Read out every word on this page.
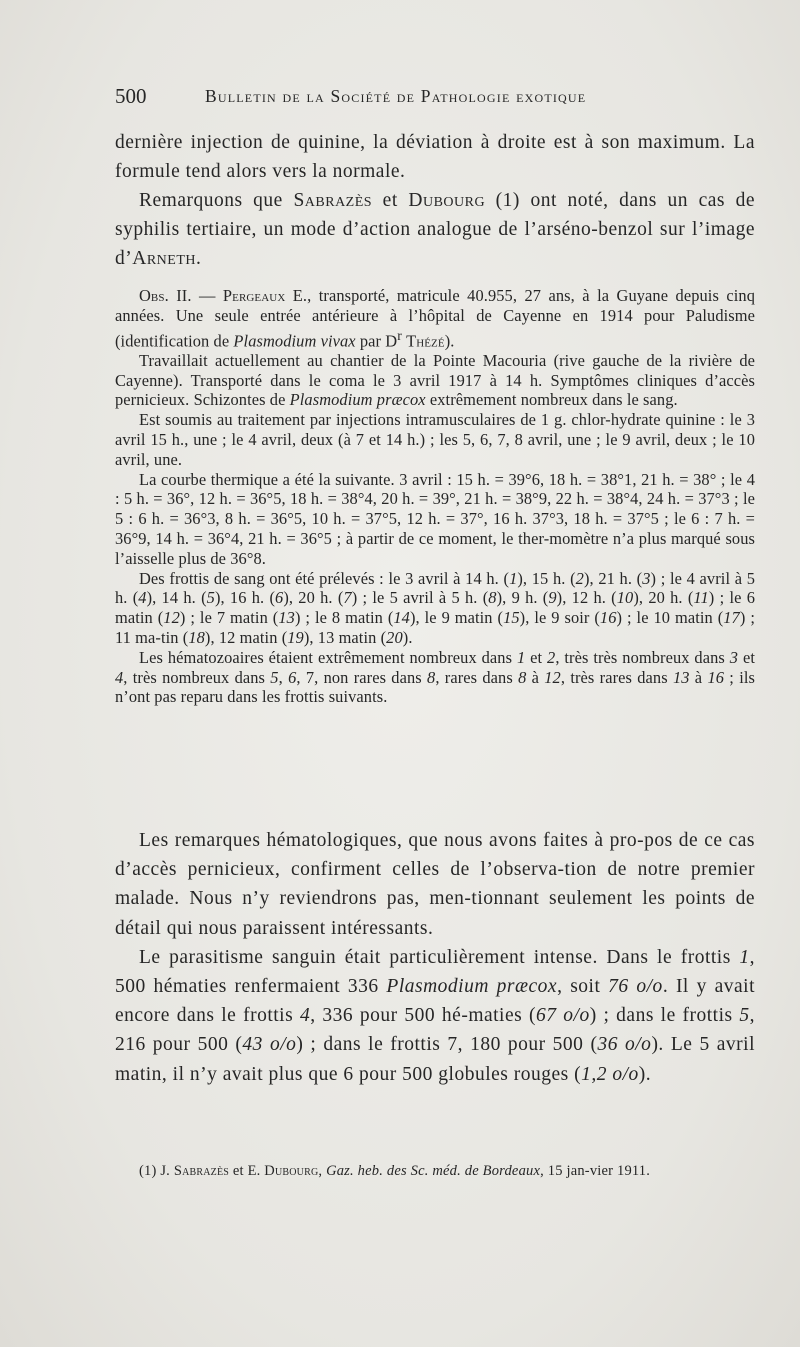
500	Bulletin de la Société de Pathologie exotique

dernière injection de quinine, la déviation à droite est à son maximum. La formule tend alors vers la normale.

Remarquons que Sabrazès et Dubourg (1) ont noté, dans un cas de syphilis tertiaire, un mode d’action analogue de l’arséno-benzol sur l’image d’Arneth.

Obs. II. — Pergeaux E., transporté, matricule 40.955, 27 ans, à la Guyane depuis cinq années. Une seule entrée antérieure à l’hôpital de Cayenne en 1914 pour Paludisme (identification de Plasmodium vivax par $D^r$ Thézé).

Travaillait actuellement au chantier de la Pointe Macouria (rive gauche de la rivière de Cayenne). Transporté dans le coma le 3 avril 1917 à 14 h. Symptômes cliniques d’accès pernicieux. Schizontes de Plasmodium præcox extrêmement nombreux dans le sang.

Est soumis au traitement par injections intramusculaires de 1 g. chlor-hydrate quinine : le 3 avril 15 h., une ; le 4 avril, deux (à 7 et 14 h.) ; les 5, 6, 7, 8 avril, une ; le 9 avril, deux ; le 10 avril, une.

La courbe thermique a été la suivante. 3 avril : 15 h. = 39°6, 18 h. = 38°1, 21 h. = 38° ; le 4 : 5 h. = 36°, 12 h. = 36°5, 18 h. = 38°4, 20 h. = 39°, 21 h. = 38°9, 22 h. = 38°4, 24 h. = 37°3 ; le 5 : 6 h. = 36°3, 8 h. = 36°5, 10 h. = 37°5, 12 h. = 37°, 16 h. 37°3, 18 h. = 37°5 ; le 6 : 7 h. = 36°9, 14 h. = 36°4, 21 h. = 36°5 ; à partir de ce moment, le ther-momètre n’a plus marqué sous l’aisselle plus de 36°8.

Des frottis de sang ont été prélevés : le 3 avril à 14 h. (1), 15 h. (2), 21 h. (3) ; le 4 avril à 5 h. (4), 14 h. (5), 16 h. (6), 20 h. (7) ; le 5 avril à 5 h. (8), 9 h. (9), 12 h. (10), 20 h. (11) ; le 6 matin (12) ; le 7 matin (13) ; le 8 matin (14), le 9 matin (15), le 9 soir (16) ; le 10 matin (17) ; 11 ma-tin (18), 12 matin (19), 13 matin (20).

Les hématozoaires étaient extrêmement nombreux dans 1 et 2, très très nombreux dans 3 et 4, très nombreux dans 5, 6, 7, non rares dans 8, rares dans 8 à 12, très rares dans 13 à 16 ; ils n’ont pas reparu dans les frottis suivants.

Les remarques hématologiques, que nous avons faites à pro-pos de ce cas d’accès pernicieux, confirment celles de l’observa-tion de notre premier malade. Nous n’y reviendrons pas, men-tionnant seulement les points de détail qui nous paraissent intéressants.

Le parasitisme sanguin était particulièrement intense. Dans le frottis 1, 500 hématies renfermaient 336 Plasmodium præcox, soit 76 o/o. Il y avait encore dans le frottis 4, 336 pour 500 hé-maties (67 o/o) ; dans le frottis 5, 216 pour 500 (43 o/o) ; dans le frottis 7, 180 pour 500 (36 o/o). Le 5 avril matin, il n’y avait plus que 6 pour 500 globules rouges (1,2 o/o).

(1) J. Sabrazès et E. Dubourg, Gaz. heb. des Sc. méd. de Bordeaux, 15 jan-vier 1911.
